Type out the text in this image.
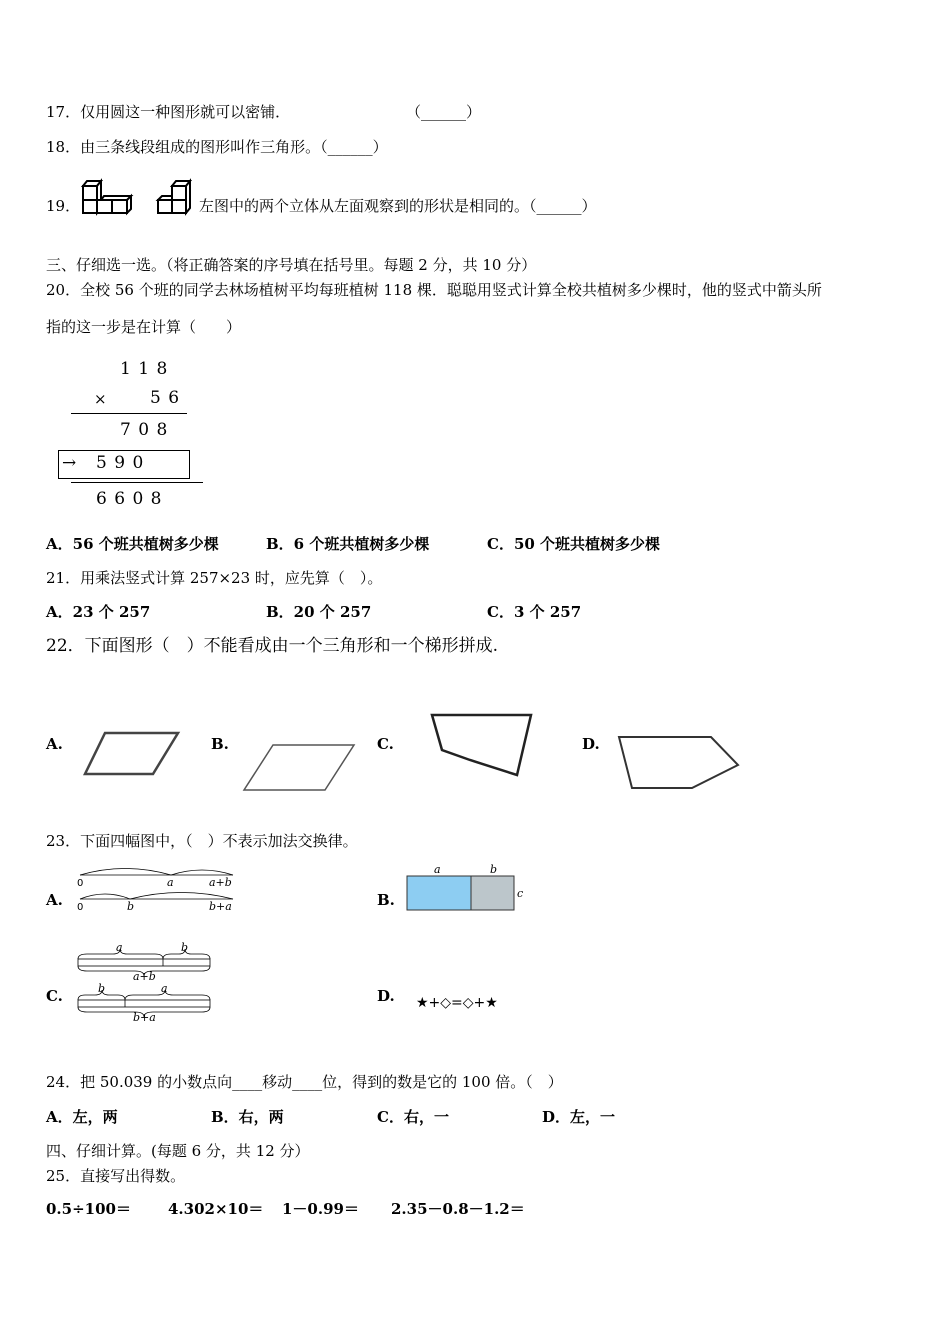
17．仅用圆这一种图形就可以密铺．	（______）
18．由三条线段组成的图形叫作三角形。（______）
19．	左图中的两个立体从左面观察到的形状是相同的。（______）
三、仔细选一选。（将正确答案的序号填在括号里。每题 2 分，共 10 分）
20．全校 56 个班的同学去林场植树平均每班植树 118 棵．聪聪用竖式计算全校共植树多少棵时，他的竖式中箭头所
指的这一步是在计算（　　）
1 1 8
×	5 6
7 0 8
→ 5 9 0
6 6 0 8
A．56 个班共植树多少棵	B．6 个班共植树多少棵	C．50 个班共植树多少棵
21．用乘法竖式计算 257×23 时，应先算（　）。
A．23 个 257	B．20 个 257	C．3 个 257
22．下面图形（　）不能看成由一个三角形和一个梯形拼成.
A.	B.	C.	D.
23．下面四幅图中，（　）不表示加法交换律。
A.
0	a	a+b
0	b	b+a	B.
a	b
c
C.
a	b
a+b
b	a
b+a
D. ★+◇=◇+★
24．把 50.039 的小数点向____移动____位，得到的数是它的 100 倍。（　）
A．左，两	B．右，两	C．右，一	D．左，一
四、仔细计算。(每题 6 分，共 12 分）
25．直接写出得数。
0.5÷100＝ 4.302×10＝ 1－0.99＝ 2.35－0.8－1.2＝
